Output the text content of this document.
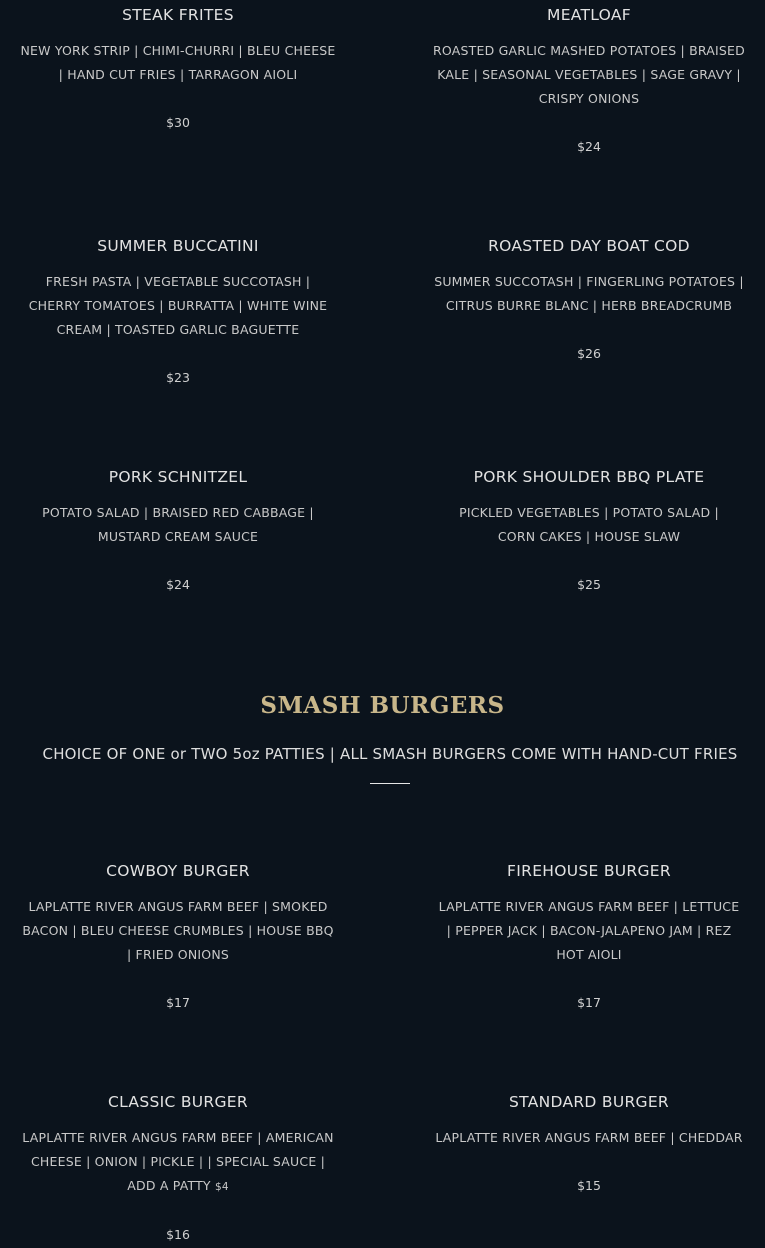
STEAK FRITES
NEW YORK STRIP | CHIMI-CHURRI | BLEU CHEESE | HAND CUT FRIES | TARRAGON AIOLI
$30
MEATLOAF
ROASTED GARLIC MASHED POTATOES | BRAISED KALE | SEASONAL VEGETABLES | SAGE GRAVY | CRISPY ONIONS
$24
SUMMER BUCCATINI
FRESH PASTA | VEGETABLE SUCCOTASH | CHERRY TOMATOES | BURRATTA | WHITE WINE CREAM | TOASTED GARLIC BAGUETTE
$23
ROASTED DAY BOAT COD
SUMMER SUCCOTASH | FINGERLING POTATOES | CITRUS BURRE BLANC | HERB BREADCRUMB
$26
PORK SCHNITZEL
POTATO SALAD | BRAISED RED CABBAGE | MUSTARD CREAM SAUCE
$24
PORK SHOULDER BBQ PLATE
PICKLED VEGETABLES | POTATO SALAD | CORN CAKES | HOUSE SLAW
$25
SMASH BURGERS
CHOICE OF ONE or TWO 5oz PATTIES | ALL SMASH BURGERS COME WITH HAND-CUT FRIES
COWBOY BURGER
LAPLATTE RIVER ANGUS FARM BEEF | SMOKED BACON | BLEU CHEESE CRUMBLES | HOUSE BBQ | FRIED ONIONS
$17
FIREHOUSE BURGER
LAPLATTE RIVER ANGUS FARM BEEF | LETTUCE | PEPPER JACK | BACON-JALAPENO JAM | REZ HOT AIOLI
$17
CLASSIC BURGER
LAPLATTE RIVER ANGUS FARM BEEF | AMERICAN CHEESE | ONION | PICKLE | | SPECIAL SAUCE | ADD A PATTY $4
$16
STANDARD BURGER
LAPLATTE RIVER ANGUS FARM BEEF | CHEDDAR
$15
